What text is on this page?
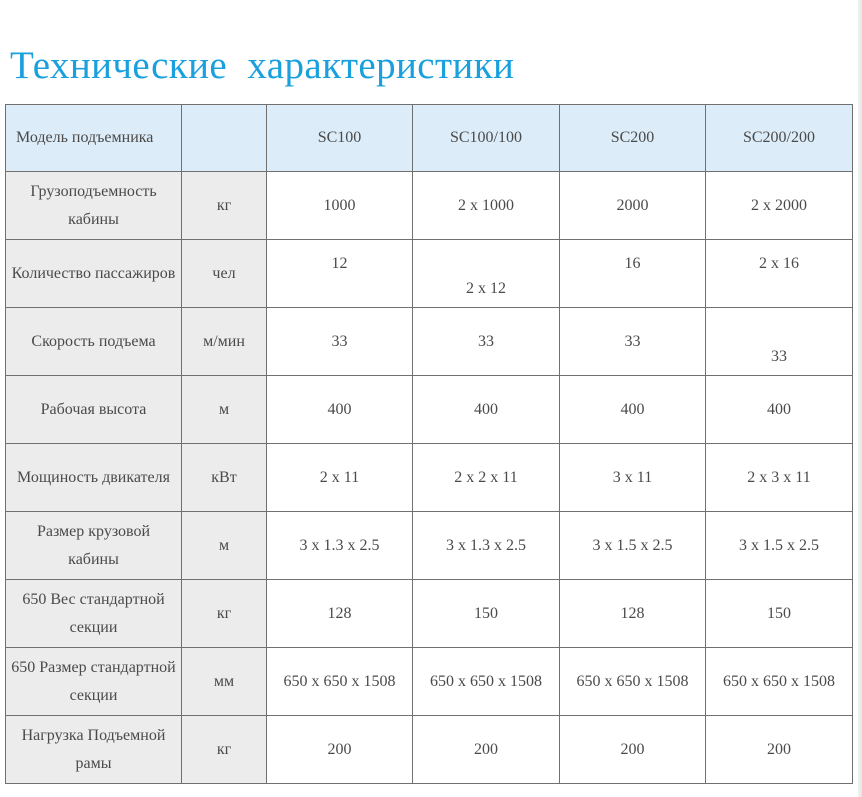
Технические  характеристики
Модель подъемника		SC100	SC100/100	SC200	SC200/200
Грузоподъемность кабины	кг	1000	2 x 1000	2000	2 x 2000
Количество пассажиров	чел	12	2 x 12	16	2 x 16
Скорость подъема	м/мин	33	33	33	33
Рабочая высота	м	400	400	400	400
Мощиность двикателя	кВт	2 x 11	2 x 2 x 11	3 x 11	2 x 3 x 11
Размер крузовой кабины	м	3 x 1.3 x 2.5	3 x 1.3 x 2.5	3 x 1.5 x 2.5	3 x 1.5 x 2.5
650 Вес стандартной секции	кг	128	150	128	150
650 Размер стандартной секции	мм	650 x 650 x 1508	650 x 650 x 1508	650 x 650 x 1508	650 x 650 x 1508
Нагрузка Подъемной рамы	кг	200	200	200	200
